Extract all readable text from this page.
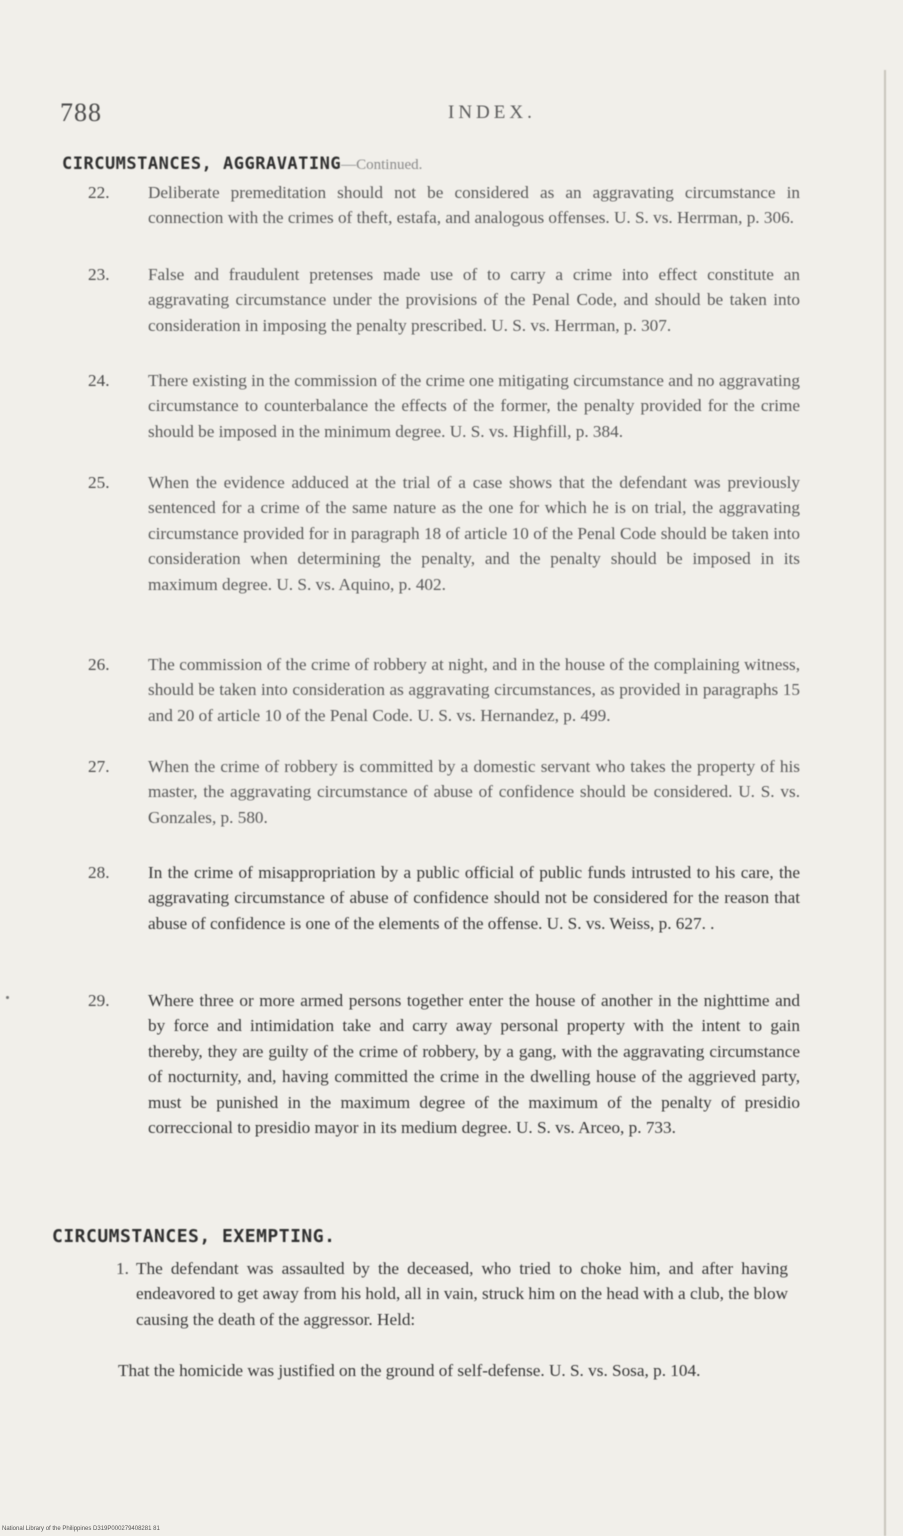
788	INDEX.
CIRCUMSTANCES, AGGRAVATING—Continued.
22. Deliberate premeditation should not be considered as an aggravating circumstance in connection with the crimes of theft, estafa, and analogous offenses. U. S. vs. Herrman, p. 306.
23. False and fraudulent pretenses made use of to carry a crime into effect constitute an aggravating circumstance under the provisions of the Penal Code, and should be taken into consideration in imposing the penalty prescribed. U. S. vs. Herrman, p. 307.
24. There existing in the commission of the crime one mitigating circumstance and no aggravating circumstance to counterbalance the effects of the former, the penalty provided for the crime should be imposed in the minimum degree. U. S. vs. Highfill, p. 384.
25. When the evidence adduced at the trial of a case shows that the defendant was previously sentenced for a crime of the same nature as the one for which he is on trial, the aggravating circumstance provided for in paragraph 18 of article 10 of the Penal Code should be taken into consideration when determining the penalty, and the penalty should be imposed in its maximum degree. U. S. vs. Aquino, p. 402.
26. The commission of the crime of robbery at night, and in the house of the complaining witness, should be taken into consideration as aggravating circumstances, as provided in paragraphs 15 and 20 of article 10 of the Penal Code. U. S. vs. Hernandez, p. 499.
27. When the crime of robbery is committed by a domestic servant who takes the property of his master, the aggravating circumstance of abuse of confidence should be considered. U. S. vs. Gonzales, p. 580.
28. In the crime of misappropriation by a public official of public funds intrusted to his care, the aggravating circumstance of abuse of confidence should not be considered for the reason that abuse of confidence is one of the elements of the offense. U. S. vs. Weiss, p. 627. .
29. Where three or more armed persons together enter the house of another in the nighttime and by force and intimidation take and carry away personal property with the intent to gain thereby, they are guilty of the crime of robbery, by a gang, with the aggravating circumstance of nocturnity, and, having committed the crime in the dwelling house of the aggrieved party, must be punished in the maximum degree of the maximum of the penalty of presidio correccional to presidio mayor in its medium degree. U. S. vs. Arceo, p. 733.
CIRCUMSTANCES, EXEMPTING.
1. The defendant was assaulted by the deceased, who tried to choke him, and after having endeavored to get away from his hold, all in vain, struck him on the head with a club, the blow causing the death of the aggressor. Held:
That the homicide was justified on the ground of self-defense. U. S. vs. Sosa, p. 104.
National Library of the Philippines D319P000279408281 81
